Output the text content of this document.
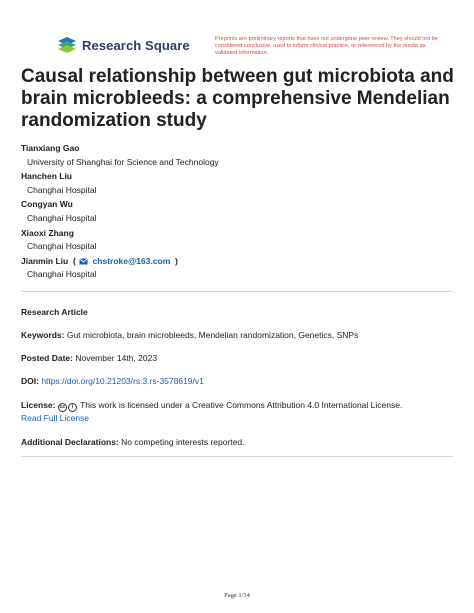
Research Square	Preprints are preliminary reports that have not undergone peer review. They should not be considered conclusive, used to inform clinical practice, or referenced by the media as validated information.
Causal relationship between gut microbiota and brain microbleeds: a comprehensive Mendelian randomization study
Tianxiang Gao
University of Shanghai for Science and Technology
Hanchen Liu
Changhai Hospital
Congyan Wu
Changhai Hospital
Xiaoxi Zhang
Changhai Hospital
Jianmin Liu  ( chstroke@163.com  )
Changhai Hospital
Research Article
Keywords: Gut microbiota, brain microbleeds, Mendelian randomization, Genetics, SNPs
Posted Date: November 14th, 2023
DOI: https://doi.org/10.21203/rs.3.rs-3578619/v1
License: cc i This work is licensed under a Creative Commons Attribution 4.0 International License.
Read Full License
Additional Declarations: No competing interests reported.
Page 1/14
